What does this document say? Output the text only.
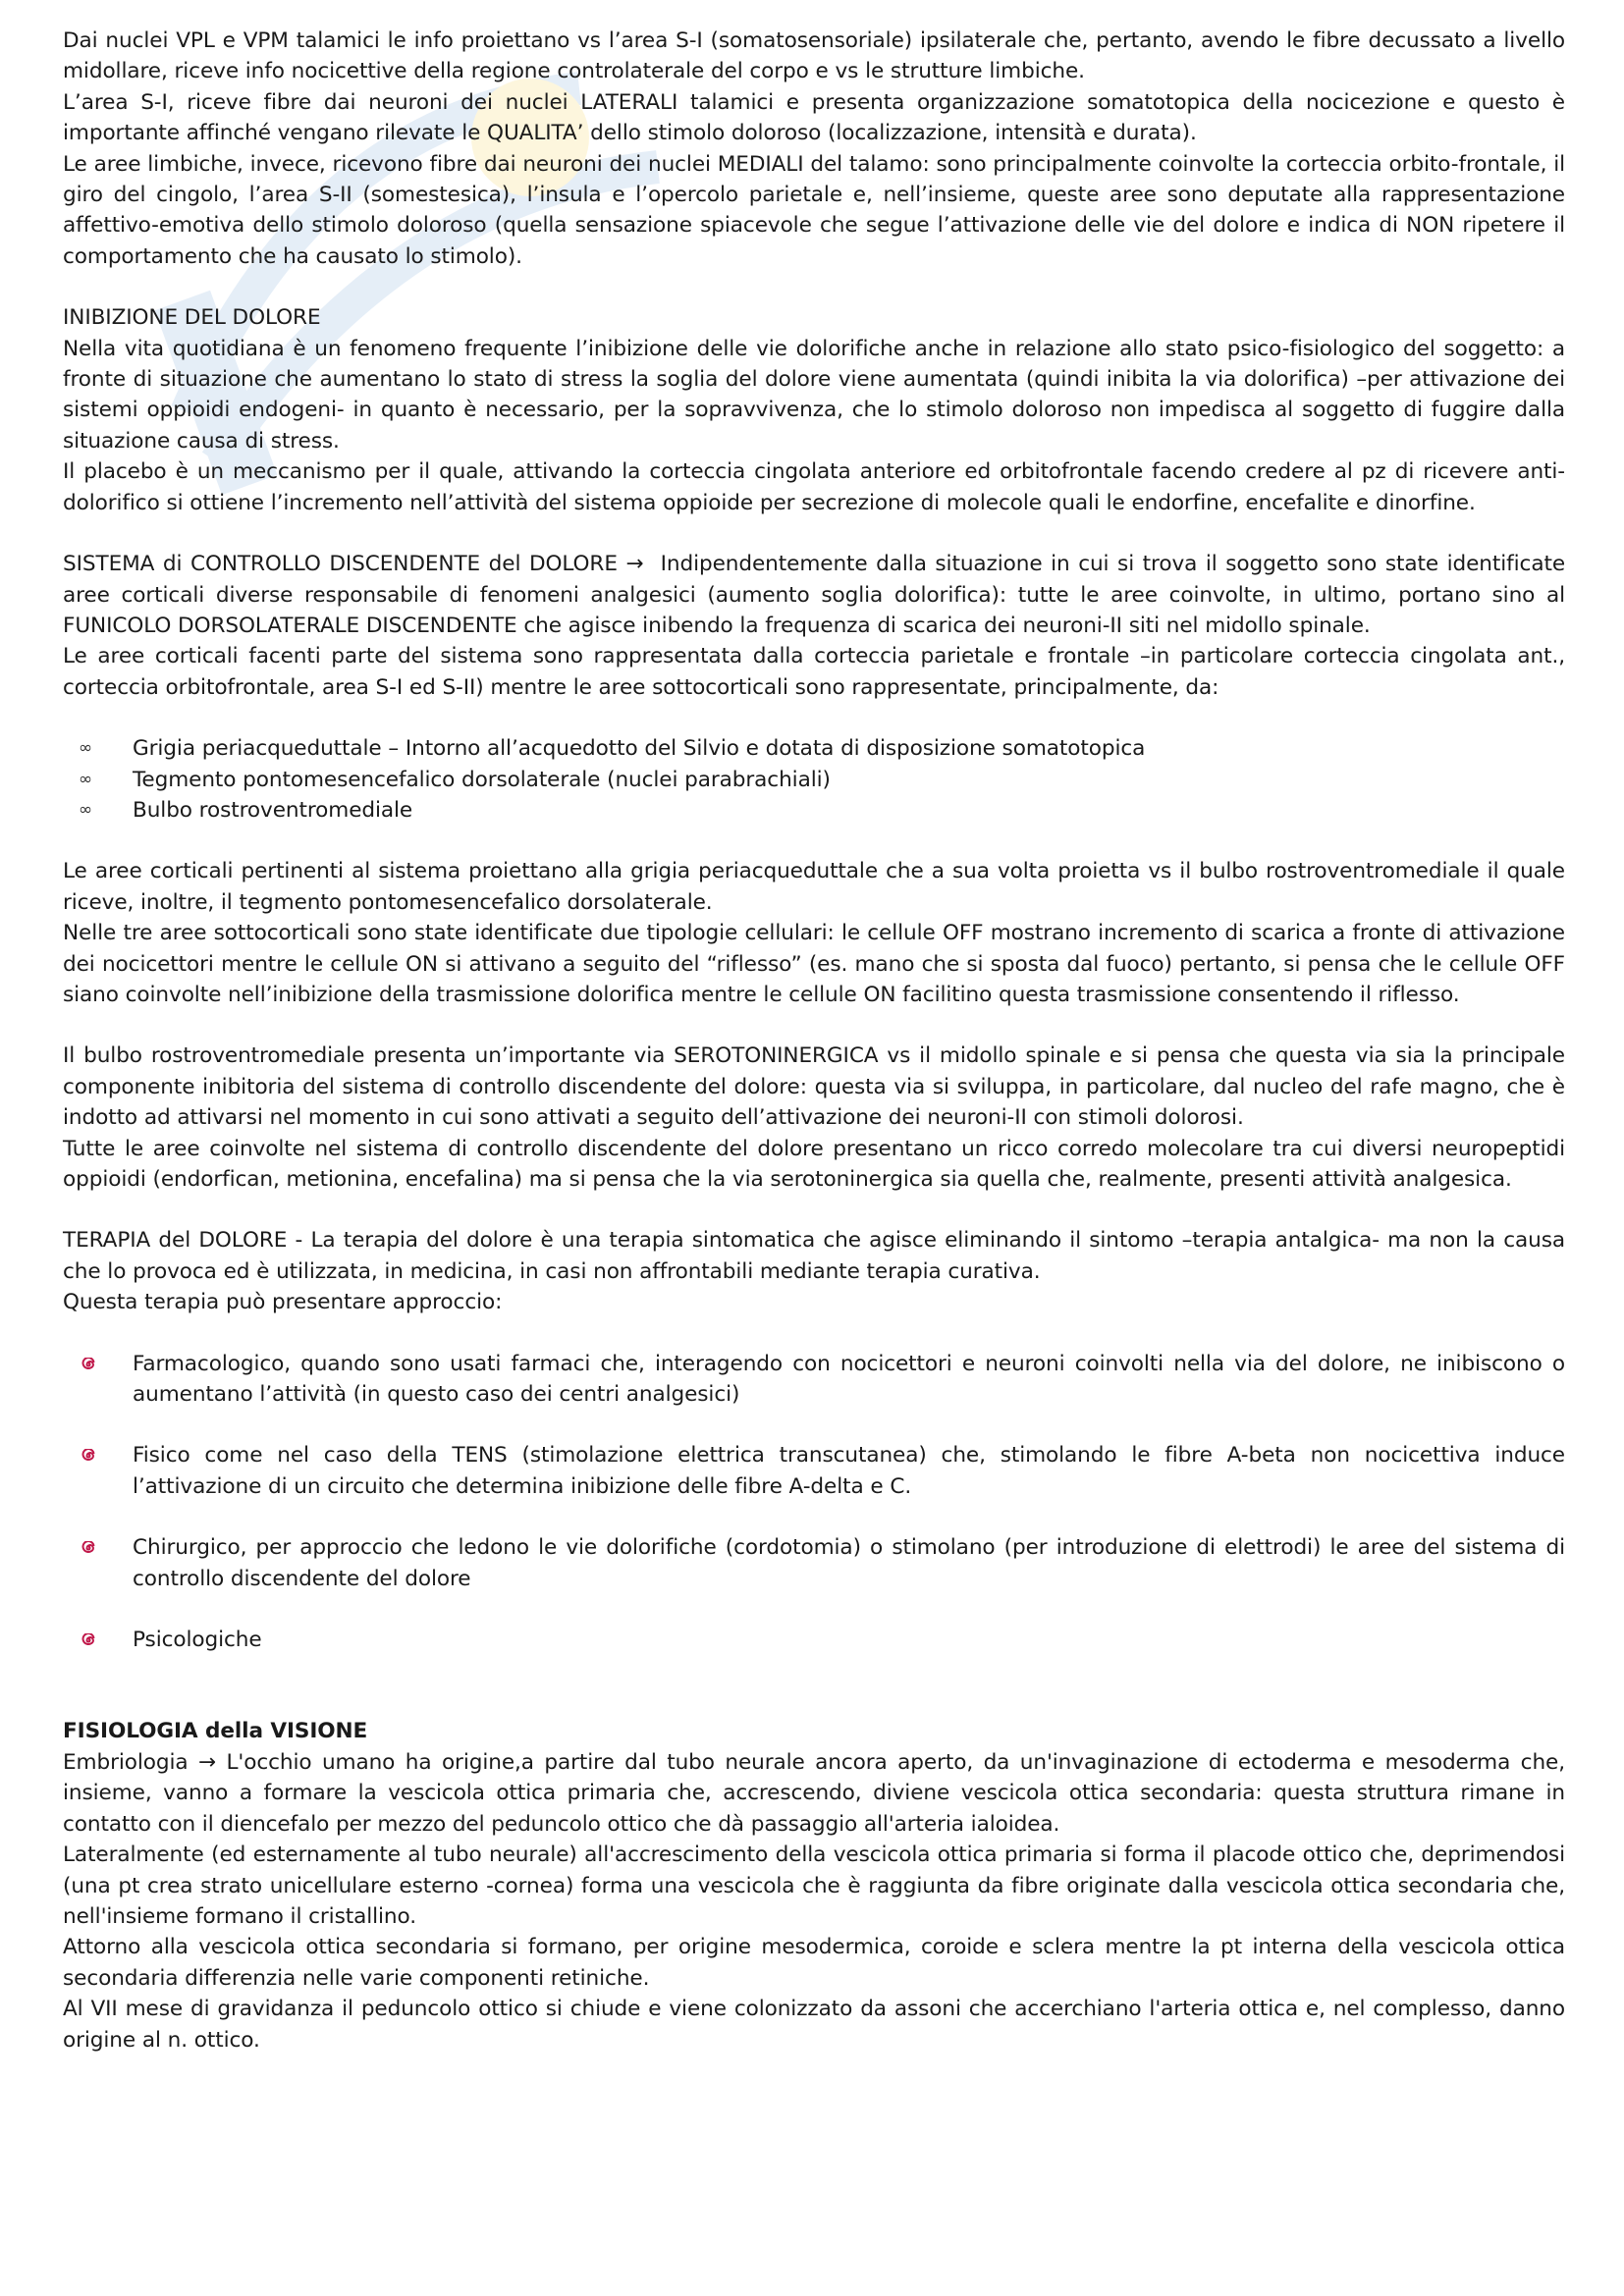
Dai nuclei VPL e VPM talamici le info proiettano vs l’area S-I (somatosensoriale) ipsilaterale che, pertanto, avendo le fibre decussato a livello midollare, riceve info nocicettive della regione controlaterale del corpo e vs le strutture limbiche.

L’area S-I, riceve fibre dai neuroni dei nuclei LATERALI talamici e presenta organizzazione somatotopica della nocicezione e questo è importante affinché vengano rilevate le QUALITA’ dello stimolo doloroso (localizzazione, intensità e durata).

Le aree limbiche, invece, ricevono fibre dai neuroni dei nuclei MEDIALI del talamo: sono principalmente coinvolte la corteccia orbito-frontale, il giro del cingolo, l’area S-II (somestesica), l’insula e l’opercolo parietale e, nell’insieme, queste aree sono deputate alla rappresentazione affettivo-emotiva dello stimolo doloroso (quella sensazione spiacevole che segue l’attivazione delle vie del dolore e indica di NON ripetere il comportamento che ha causato lo stimolo).

INIBIZIONE DEL DOLORE

Nella vita quotidiana è un fenomeno frequente l’inibizione delle vie dolorifiche anche in relazione allo stato psico-fisiologico del soggetto: a fronte di situazione che aumentano lo stato di stress la soglia del dolore viene aumentata (quindi inibita la via dolorifica) –per attivazione dei sistemi oppioidi endogeni- in quanto è necessario, per la sopravvivenza, che lo stimolo doloroso non impedisca al soggetto di fuggire dalla situazione causa di stress.

Il placebo è un meccanismo per il quale, attivando la corteccia cingolata anteriore ed orbitofrontale facendo credere al pz di ricevere anti-dolorifico si ottiene l’incremento nell’attività del sistema oppioide per secrezione di molecole quali le endorfine, encefalite e dinorfine.

SISTEMA di CONTROLLO DISCENDENTE del DOLORE → Indipendentemente dalla situazione in cui si trova il soggetto sono state identificate aree corticali diverse responsabile di fenomeni analgesici (aumento soglia dolorifica): tutte le aree coinvolte, in ultimo, portano sino al FUNICOLO DORSOLATERALE DISCENDENTE che agisce inibendo la frequenza di scarica dei neuroni-II siti nel midollo spinale.

Le aree corticali facenti parte del sistema sono rappresentata dalla corteccia parietale e frontale –in particolare corteccia cingolata ant., corteccia orbitofrontale, area S-I ed S-II) mentre le aree sottocorticali sono rappresentate, principalmente, da:

∞ Grigia periacqueduttale – Intorno all’acquedotto del Silvio e dotata di disposizione somatotopica
∞ Tegmento pontomesencefalico dorsolaterale (nuclei parabrachiali)
∞ Bulbo rostroventromediale

Le aree corticali pertinenti al sistema proiettano alla grigia periacqueduttale che a sua volta proietta vs il bulbo rostroventromediale il quale riceve, inoltre, il tegmento pontomesencefalico dorsolaterale.

Nelle tre aree sottocorticali sono state identificate due tipologie cellulari: le cellule OFF mostrano incremento di scarica a fronte di attivazione dei nocicettori mentre le cellule ON si attivano a seguito del “riflesso” (es. mano che si sposta dal fuoco) pertanto, si pensa che le cellule OFF siano coinvolte nell’inibizione della trasmissione dolorifica mentre le cellule ON facilitino questa trasmissione consentendo il riflesso.

Il bulbo rostroventromediale presenta un’importante via SEROTONINERGICA vs il midollo spinale e si pensa che questa via sia la principale componente inibitoria del sistema di controllo discendente del dolore: questa via si sviluppa, in particolare, dal nucleo del rafe magno, che è indotto ad attivarsi nel momento in cui sono attivati a seguito dell’attivazione dei neuroni-II con stimoli dolorosi.

Tutte le aree coinvolte nel sistema di controllo discendente del dolore presentano un ricco corredo molecolare tra cui diversi neuropeptidi oppioidi (endorfican, metionina, encefalina) ma si pensa che la via serotoninergica sia quella che, realmente, presenti attività analgesica.

TERAPIA del DOLORE - La terapia del dolore è una terapia sintomatica che agisce eliminando il sintomo –terapia antalgica- ma non la causa che lo provoca ed è utilizzata, in medicina, in casi non affrontabili mediante terapia curativa.

Questa terapia può presentare approccio:

Farmacologico, quando sono usati farmaci che, interagendo con nocicettori e neuroni coinvolti nella via del dolore, ne inibiscono o aumentano l’attività (in questo caso dei centri analgesici)
Fisico come nel caso della TENS (stimolazione elettrica transcutanea) che, stimolando le fibre A-beta non nocicettiva induce l’attivazione di un circuito che determina inibizione delle fibre A-delta e C.
Chirurgico, per approccio che ledono le vie dolorifiche (cordotomia) o stimolano (per introduzione di elettrodi) le aree del sistema di controllo discendente del dolore
Psicologiche

FISIOLOGIA della VISIONE

Embriologia → L'occhio umano ha origine,a partire dal tubo neurale ancora aperto, da un'invaginazione di ectoderma e mesoderma che, insieme, vanno a formare la vescicola ottica primaria che, accrescendo, diviene vescicola ottica secondaria: questa struttura rimane in contatto con il diencefalo per mezzo del peduncolo ottico che dà passaggio all'arteria ialoidea.

Lateralmente (ed esternamente al tubo neurale) all'accrescimento della vescicola ottica primaria si forma il placode ottico che, deprimendosi (una pt crea strato unicellulare esterno -cornea) forma una vescicola che è raggiunta da fibre originate dalla vescicola ottica secondaria che, nell'insieme formano il cristallino.

Attorno alla vescicola ottica secondaria si formano, per origine mesodermica, coroide e sclera mentre la pt interna della vescicola ottica secondaria differenzia nelle varie componenti retiniche.

Al VII mese di gravidanza il peduncolo ottico si chiude e viene colonizzato da assoni che accerchiano l'arteria ottica e, nel complesso, danno origine al n. ottico.
